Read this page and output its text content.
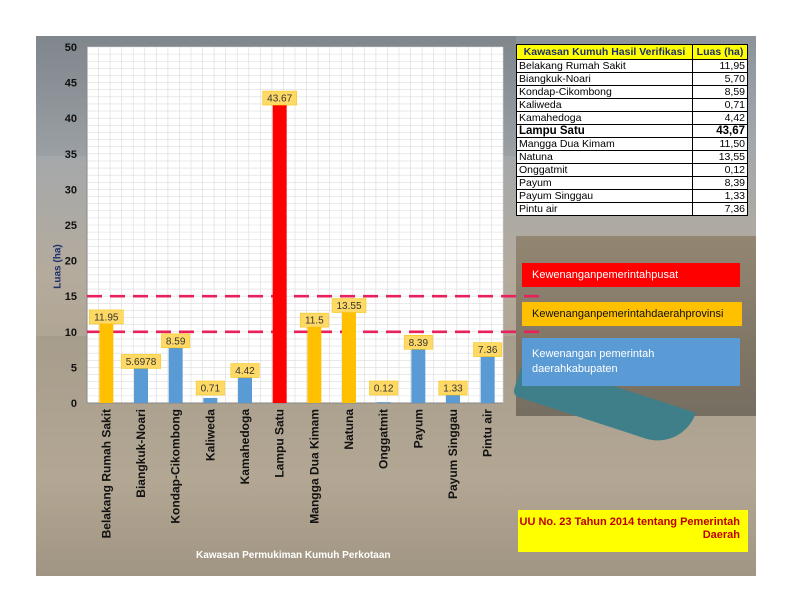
11.95
5.6978
8.59
0.71
4.42
43.67
11.5
13.55
0.12
8.39
1.33
7.36
0
5
10
15
20
25
30
35
40
45
50
Belakang Rumah Sakit Biangkuk-Noari Kondap-Cikombong Kaliweda Kamahedoga Lampu Satu Mangga Dua Kimam Natuna Onggatmit Payum Payum Singgau Pintu air
Luas (ha)
Kawasan Permukiman Kumuh Perkotaan
Kawasan Kumuh Hasil Verifikasi	Luas (ha)
Belakang Rumah Sakit	11,95
Biangkuk-Noari	5,70
Kondap-Cikombong	8,59
Kaliweda	0,71
Kamahedoga	4,42
Lampu Satu	43,67
Mangga Dua Kimam	11,50
Natuna	13,55
Onggatmit	0,12
Payum	8,39
Payum Singgau	1,33
Pintu air	7,36
Kewenanganpemerintahpusat
Kewenanganpemerintahdaerahprovinsi
Kewenangan pemerintah daerahkabupaten
UU No. 23 Tahun 2014 tentang Pemerintah Daerah
